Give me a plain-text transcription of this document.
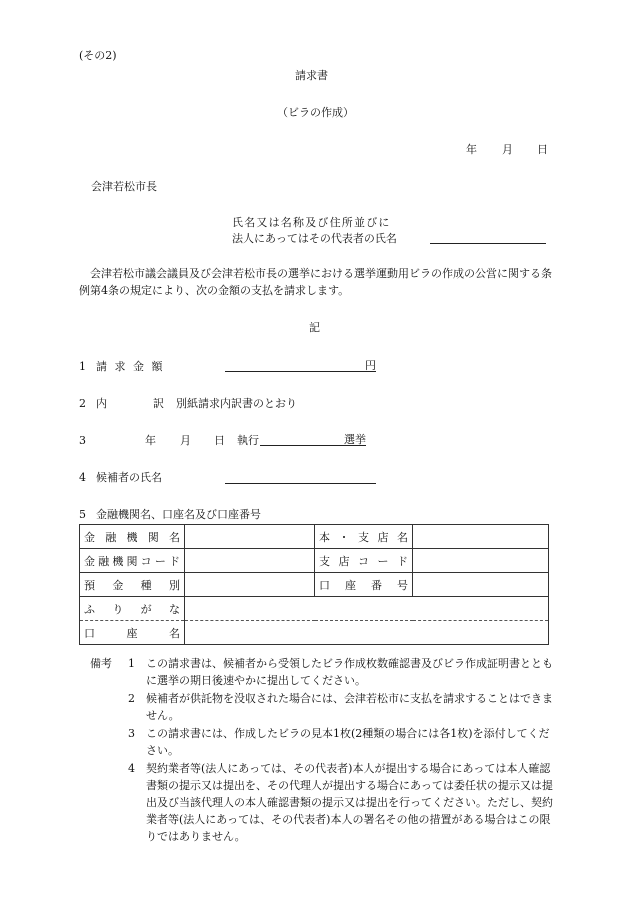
(その2)
請求書
（ビラの作成）
年 月 日
会津若松市長
氏名又は名称及び住所並びに
法人にあってはその代表者の氏名
会津若松市議会議員及び会津若松市長の選挙における選挙運動用ビラの作成の公営に関する条例第4条の規定により、次の金額の支払を請求します。
記
1 請 求 金 額	円
2 内	訳 別紙請求内訳書のとおり
3	年 月 日 執行	選挙
4 候補者の氏名
5 金融機関名、口座名及び口座番号
金融機関名		本・支店名	
金融機関コード		支店コード	
預金種別		口座番号	
ふりがな			
口座名			
備考	1	この請求書は、候補者から受領したビラ作成枚数確認書及びビラ作成証明書とともに選挙の期日後速やかに提出してください。
2	候補者が供託物を没収された場合には、会津若松市に支払を請求することはできません。
3	この請求書には、作成したビラの見本1枚(2種類の場合には各1枚)を添付してください。
4	契約業者等(法人にあっては、その代表者)本人が提出する場合にあっては本人確認書類の提示又は提出を、その代理人が提出する場合にあっては委任状の提示又は提出及び当該代理人の本人確認書類の提示又は提出を行ってください。ただし、契約業者等(法人にあっては、その代表者)本人の署名その他の措置がある場合はこの限りではありません。
